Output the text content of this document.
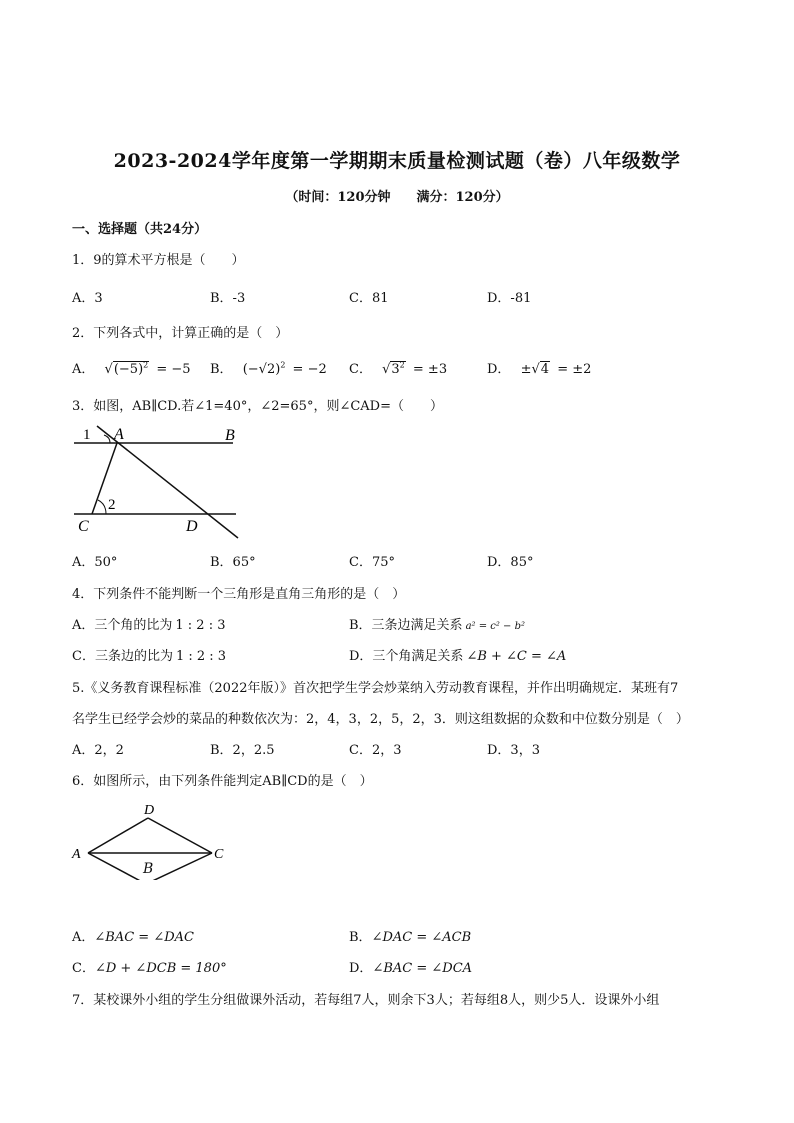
2023-2024学年度第一学期期末质量检测试题（卷）八年级数学
（时间：120分钟 满分：120分）
一、选择题（共24分）
1．9的算术平方根是（　　）
A．3	B．-3	C．81	D．-81
2．下列各式中，计算正确的是（　）
A． $√(-5)^2 = -5$ B． $(-√2)^2 = -2$ C． $√3^2 = \pm 3$	D． ±√4 = ±2
3．如图，AB∥CD.若∠1=40°，∠2=65°，则∠CAD=（　　）
1 A	B
2
C	D
A．50°	B．65°	C．75°	D．85°
4．下列条件不能判断一个三角形是直角三角形的是（　）
A．三个角的比为 1 : 2 : 3	B．三条边满足关系 a² = c² − b²
C．三条边的比为 1 : 2 : 3	D．三个角满足关系 ∠B + ∠C = ∠A
5.《义务教育课程标准（2022年版）》首次把学生学会炒菜纳入劳动教育课程，并作出明确规定．某班有7
名学生已经学会炒的菜品的种数依次为：2，4，3，2，5，2，3．则这组数据的众数和中位数分别是（　）
A．2，2	B．2，2.5	C．2，3	D．3，3
6．如图所示，由下列条件能判定AB∥CD的是（　）
D
A	C
B
A．∠BAC = ∠DAC	B．∠DAC = ∠ACB
C．∠D + ∠DCB = 180°	D．∠BAC = ∠DCA
7．某校课外小组的学生分组做课外活动，若每组7人，则余下3人；若每组8人，则少5人．设课外小组
